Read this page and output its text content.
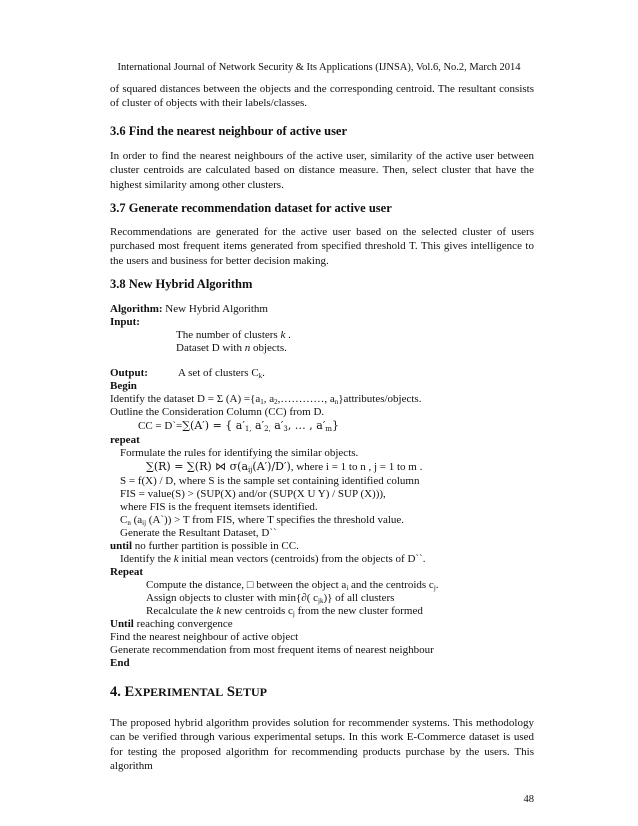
International Journal of Network Security & Its Applications (IJNSA), Vol.6, No.2, March 2014

of squared distances between the objects and the corresponding centroid. The resultant consists of cluster of objects with their labels/classes.

3.6 Find the nearest neighbour of active user

In order to find the nearest neighbours of the active user, similarity of the active user between cluster centroids are calculated based on distance measure. Then, select cluster that have the highest similarity among other clusters.

3.7 Generate recommendation dataset for active user

Recommendations are generated for the active user based on the selected cluster of users purchased most frequent items generated from specified threshold T. This gives intelligence to the users and business for better decision making.

3.8 New Hybrid Algorithm
Algorithm: New Hybrid Algorithm
Input:
The number of clusters k .
Dataset D with n objects.
Output:	A set of clusters $C_k$.
Begin
Identify the dataset D = Σ $(A) =\{a_1$, $a_2,\dots\dots\dots\dots$, $a_n\}attributes$/objects.
Outline the Consideration Column (CC) from D.
CC = D`=∑(A′) = { $a'_{1,}$ $a'_{2,}$ $a'_3$, … , $a'_m$}
repeat
Formulate the rules for identifying the similar objects.
∑(R) = ∑(R) ⋈ $\sigma(a_{ij}(A')/D')$, where i = 1 to n , j = 1 to m .
S = f(X) / D, where S is the sample set containing identified column
FIS = value(S) > (SUP(X) and/or (SUP(X U Y) / SUP (X))),
where FIS is the frequent itemsets identified.
$C_n$ ($a_{ij}$ (A`)) > T from FIS, where T specifies the threshold value.
Generate the Resultant Dataset, D``
until no further partition is possible in CC.
Identify the k initial mean vectors (centroids) from the objects of D``.
Repeat
Compute the distance, □ between the object $a_i$ and the centroids $c_j$.
Assign objects to cluster with min{∂( $c_{jk}$)} of all clusters
Recalculate the k new centroids $c_j$ from the new cluster formed
Until reaching convergence
Find the nearest neighbour of active object
Generate recommendation from most frequent items of nearest neighbour
End
4. EXPERIMENTAL SETUP

The proposed hybrid algorithm provides solution for recommender systems. This methodology can be verified through various experimental setups. In this work E-Commerce dataset is used for testing the proposed algorithm for recommending products purchase by the users. This algorithm

48
